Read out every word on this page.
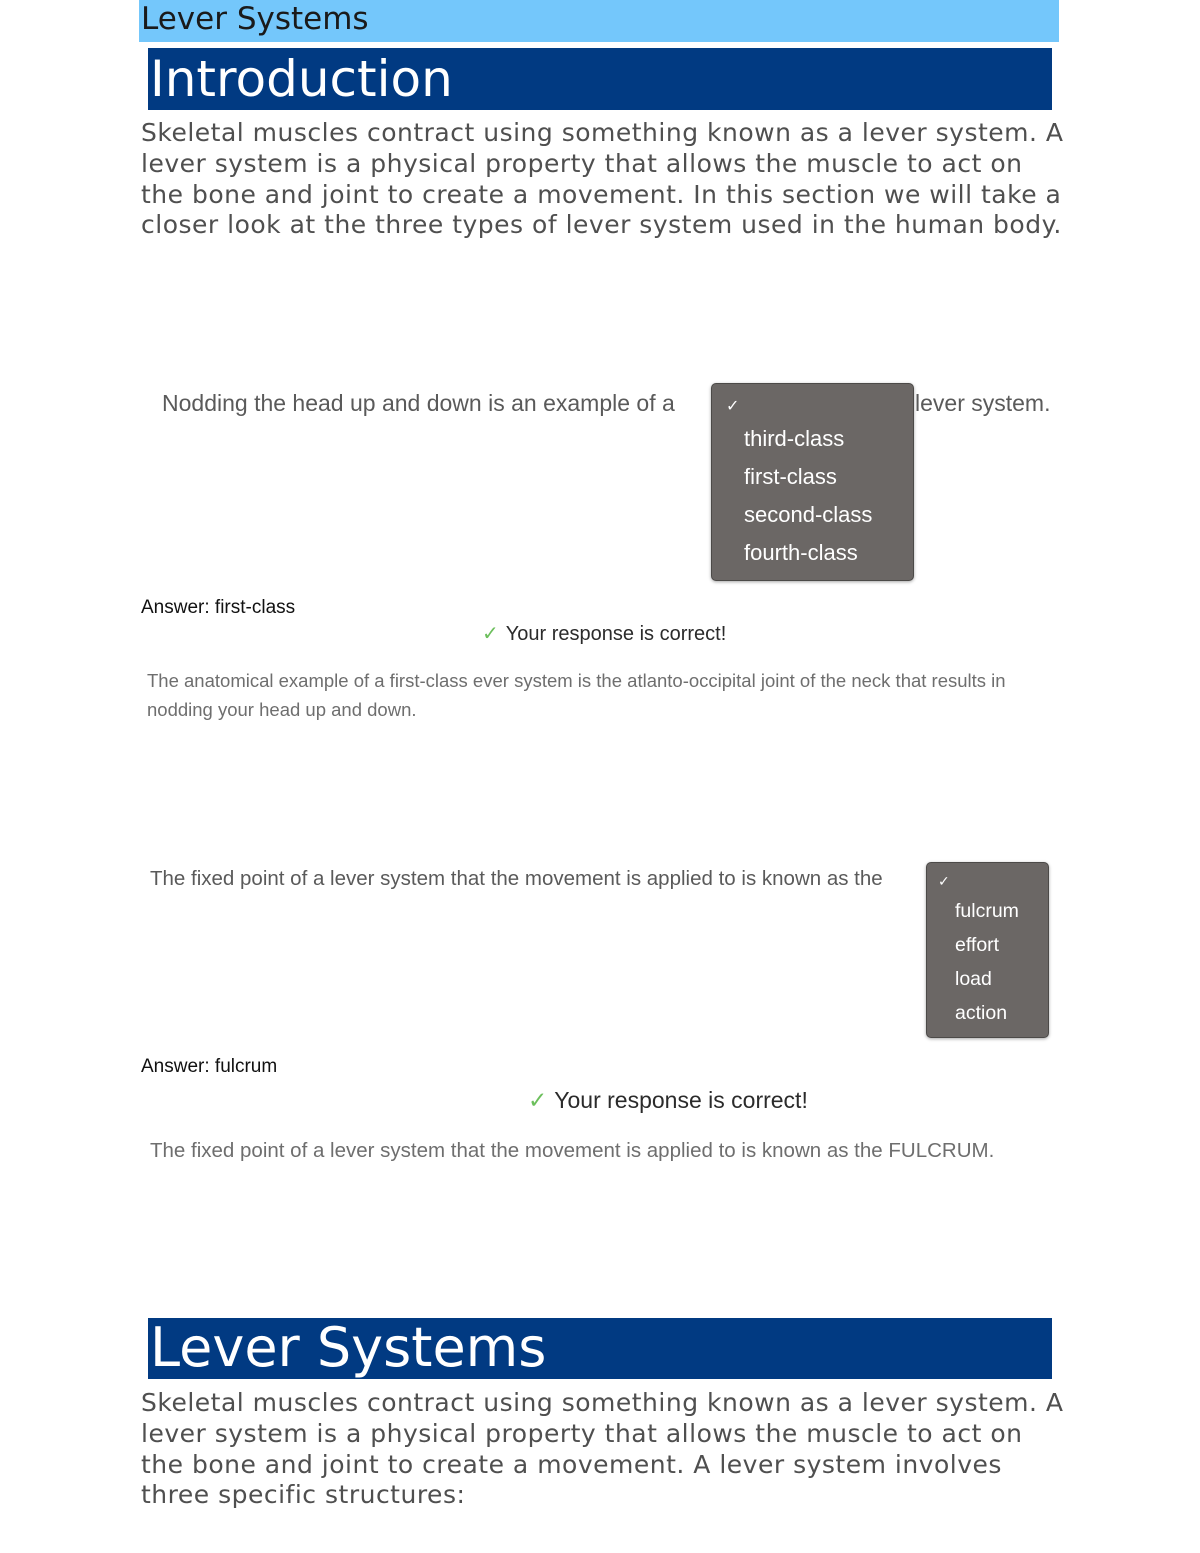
Lever Systems
Introduction

Skeletal muscles contract using something known as a lever system. A lever system is a physical property that allows the muscle to act on the bone and joint to create a movement. In this section we will take a closer look at the three types of lever system used in the human body.

Nodding the head up and down is an example of a	✓
third-class
first-class
second-class
fourth-class
lever system.
Answer: first-class
✓ Your response is correct!

The anatomical example of a first-class ever system is the atlanto-occipital joint of the neck that results in nodding your head up and down.

The fixed point of a lever system that the movement is applied to is known as the	✓
fulcrum
effort
load
action
Answer: fulcrum
✓ Your response is correct!

The fixed point of a lever system that the movement is applied to is known as the FULCRUM.

Lever Systems

Skeletal muscles contract using something known as a lever system. A lever system is a physical property that allows the muscle to act on the bone and joint to create a movement. A lever system involves three specific structures:
